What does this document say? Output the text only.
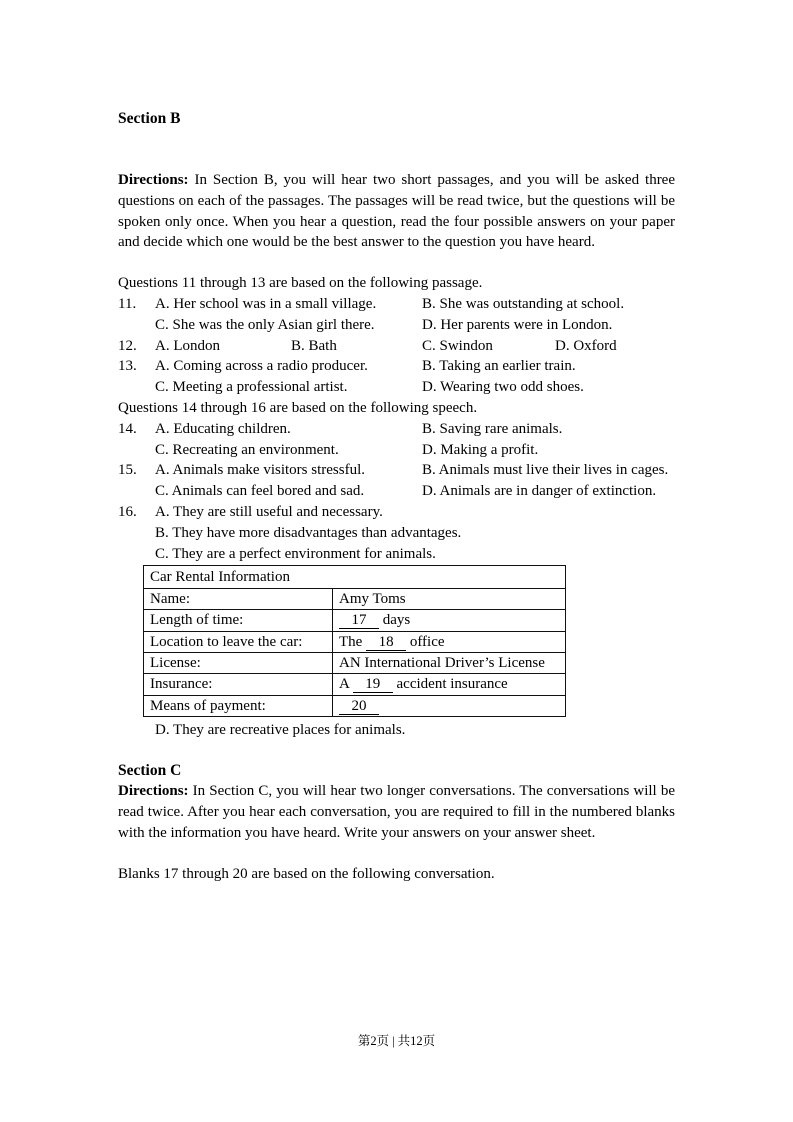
Section B

Directions: In Section B, you will hear two short passages, and you will be asked three questions on each of the passages. The passages will be read twice, but the questions will be spoken only once. When you hear a question, read the four possible answers on your paper and decide which one would be the best answer to the question you have heard.

Questions 11 through 13 are based on the following passage.
11.	A. Her school was in a small village.	B. She was outstanding at school.
C. She was the only Asian girl there.	D. Her parents were in London.
12.	A. London	B. Bath	C. Swindon	D. Oxford
13.	A. Coming across a radio producer.	B. Taking an earlier train.
C. Meeting a professional artist.	D. Wearing two odd shoes.
Questions 14 through 16 are based on the following speech.
14.	A. Educating children.	B. Saving rare animals.
C. Recreating an environment.	D. Making a profit.
15.	A. Animals make visitors stressful.	B. Animals must live their lives in cages.
C. Animals can feel bored and sad.	D. Animals are in danger of extinction.
16.	A. They are still useful and necessary.
B. They have more disadvantages than advantages.
C. They are a perfect environment for animals.
Car Rental Information	
Name:	Amy Toms
Length of time:	17 days
Location to leave the car:	The 18 office
License:	AN International Driver’s License
Insurance:	A 19 accident insurance
Means of payment:	20
D. They are recreative places for animals.
Section C

Directions: In Section C, you will hear two longer conversations. The conversations will be read twice. After you hear each conversation, you are required to fill in the numbered blanks with the information you have heard. Write your answers on your answer sheet.

Blanks 17 through 20 are based on the following conversation.
第2页 | 共12页
